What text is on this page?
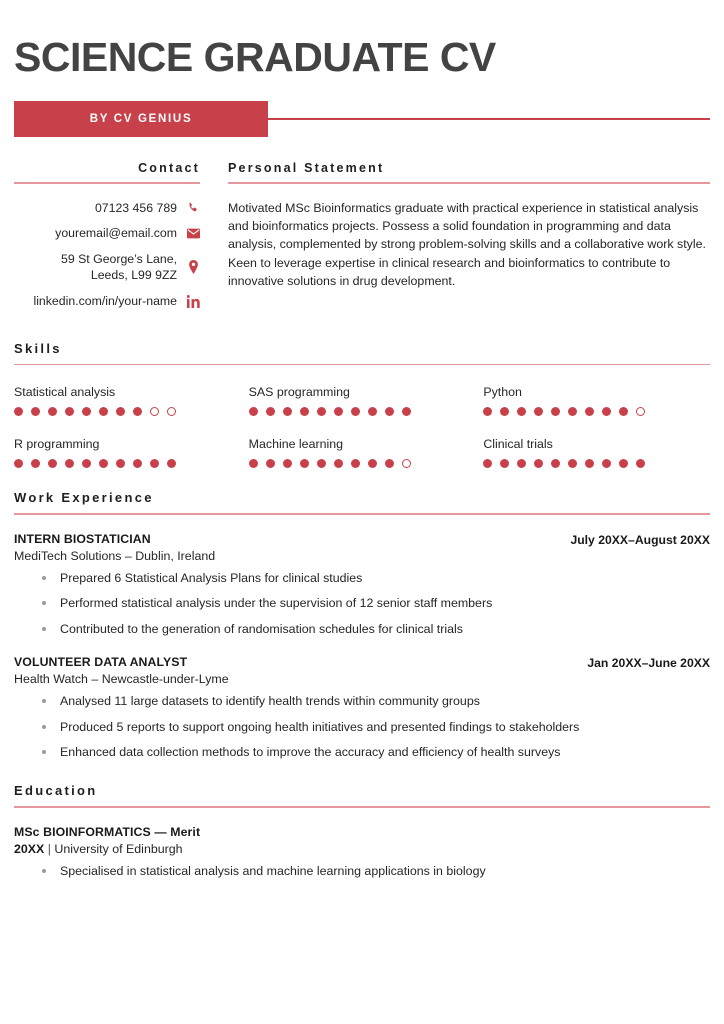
SCIENCE GRADUATE CV
BY CV GENIUS
Contact
07123 456 789
youremail@email.com
59 St George’s Lane,
Leeds, L99 9ZZ
linkedin.com/in/your-name
Personal Statement
Motivated MSc Bioinformatics graduate with practical experience in statistical analysis and bioinformatics projects. Possess a solid foundation in programming and data analysis, complemented by strong problem-solving skills and a collaborative work style. Keen to leverage expertise in clinical research and bioinformatics to contribute to innovative solutions in drug development.
Skills
Statistical analysis	SAS programming	Python
R programming	Machine learning	Clinical trials
Work Experience
INTERN BIOSTATICIAN
MediTech Solutions – Dublin, Ireland
July 20XX–August 20XX
Prepared 6 Statistical Analysis Plans for clinical studies
Performed statistical analysis under the supervision of 12 senior staff members
Contributed to the generation of randomisation schedules for clinical trials
VOLUNTEER DATA ANALYST
Health Watch – Newcastle-under-Lyme
Jan 20XX–June 20XX
Analysed 11 large datasets to identify health trends within community groups
Produced 5 reports to support ongoing health initiatives and presented findings to stakeholders
Enhanced data collection methods to improve the accuracy and efficiency of health surveys
Education
MSc BIOINFORMATICS — Merit
20XX | University of Edinburgh
Specialised in statistical analysis and machine learning applications in biology
